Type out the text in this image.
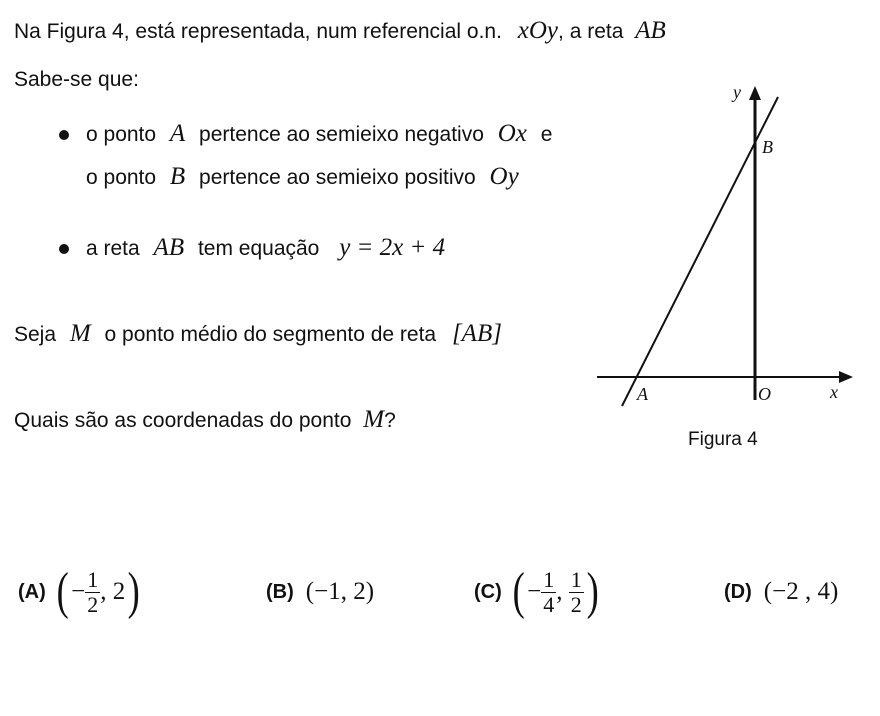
Na Figura 4, está representada, num referencial o.n. xOy, a reta AB
Sabe-se que:
o ponto A pertence ao semieixo negativo Ox e
o ponto B pertence ao semieixo positivo Oy
a reta AB tem equação y = 2x + 4
Seja M o ponto médio do segmento de reta [AB]
Quais são as coordenadas do ponto M?
y
B
A	O	x
Figura 4
(A) ( − $\frac{1}{2}$ , 2 )	(B) (−1, 2)	(C) ( − $\frac{1}{4}$ , $\frac{1}{2}$ )	(D) (−2 , 4)
